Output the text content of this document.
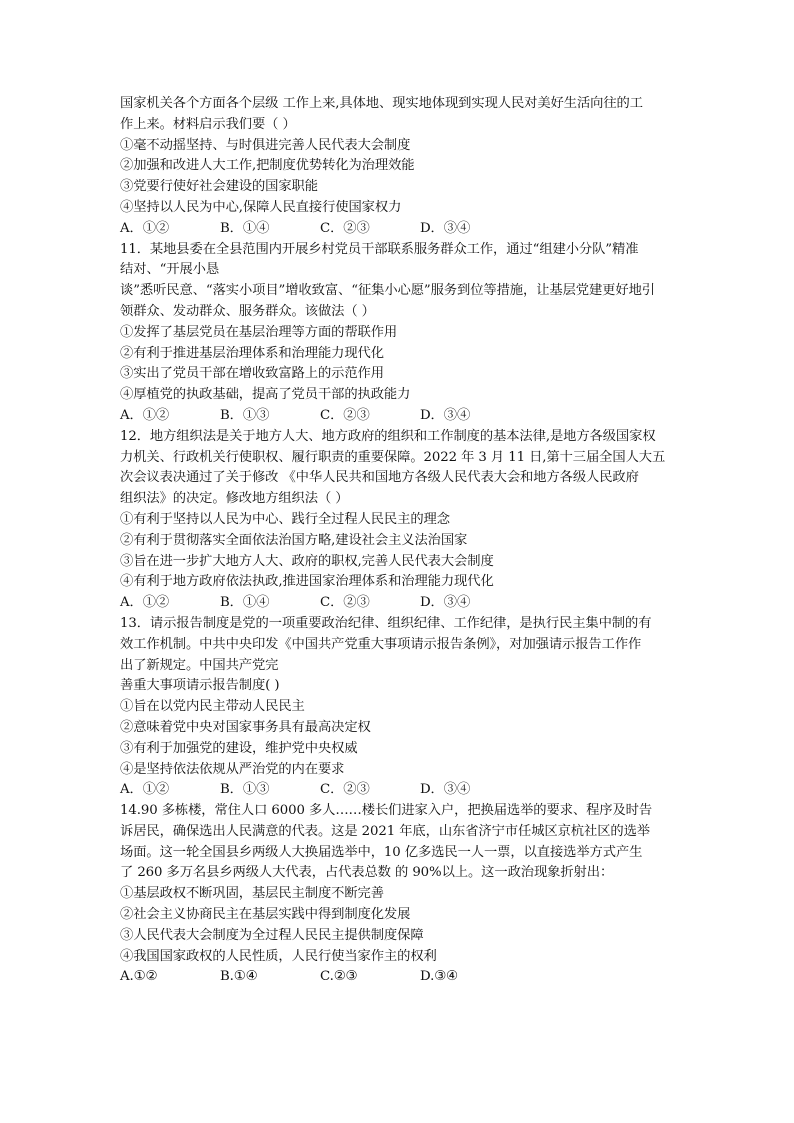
国家机关各个方面各个层级 工作上来,具体地、现实地体现到实现人民对美好生活向往的工
作上来。材料启示我们要（ ）
①毫不动摇坚持、与时俱进完善人民代表大会制度
②加强和改进人大工作,把制度优势转化为治理效能
③党要行使好社会建设的国家职能
④坚持以人民为中心,保障人民直接行使国家权力
A．①②	B．①④	C．②③	D．③④
11．某地县委在全县范围内开展乡村党员干部联系服务群众工作，通过“组建小分队”精准
结对、“开展小恳
谈”悉听民意、“落实小项目”增收致富、“征集小心愿”服务到位等措施，让基层党建更好地引
领群众、发动群众、服务群众。该做法（ ）
①发挥了基层党员在基层治理等方面的帮联作用
②有利于推进基层治理体系和治理能力现代化
③实出了党员干部在增收致富路上的示范作用
④厚植党的执政基础，提高了党员干部的执政能力
A．①②	B．①③	C．②③	D．③④
12．地方组织法是关于地方人大、地方政府的组织和工作制度的基本法律,是地方各级国家权
力机关、行政机关行使职权、履行职责的重要保障。2022 年 3 月 11 日,第十三届全国人大五
次会议表决通过了关于修改 《中华人民共和国地方各级人民代表大会和地方各级人民政府
组织法》的决定。修改地方组织法（ ）
①有利于坚持以人民为中心、践行全过程人民民主的理念
②有利于贯彻落实全面依法治国方略,建设社会主义法治国家
③旨在进一步扩大地方人大、政府的职权,完善人民代表大会制度
④有利于地方政府依法执政,推进国家治理体系和治理能力现代化
A．①②	B．①④	C．②③	D．③④
13．请示报告制度是党的一项重要政治纪律、组织纪律、工作纪律，是执行民主集中制的有
效工作机制。中共中央印发《中国共产党重大事项请示报告条例》，对加强请示报告工作作
出了新规定。中国共产党完
善重大事项请示报告制度( )
①旨在以党内民主带动人民民主
②意味着党中央对国家事务具有最高决定权
③有利于加强党的建设，维护党中央权威
④是坚持依法依规从严治党的内在要求
A．①②	B．①③	C．②③	D．③④
14.90 多栋楼，常住人口 6000 多人……楼长们进家入户，把换届选举的要求、程序及时告
诉居民，确保选出人民满意的代表。这是 2021 年底，山东省济宁市任城区京杭社区的选举
场面。这一轮全国县乡两级人大换届选举中，10 亿多选民一人一票，以直接选举方式产生
了 260 多万名县乡两级人大代表，占代表总数 的 90%以上。这一政治现象折射出：
①基层政权不断巩固，基层民主制度不断完善
②社会主义协商民主在基层实践中得到制度化发展
③人民代表大会制度为全过程人民民主提供制度保障
④我国国家政权的人民性质，人民行使当家作主的权利
A.①②	B.①④	C.②③	D.③④
